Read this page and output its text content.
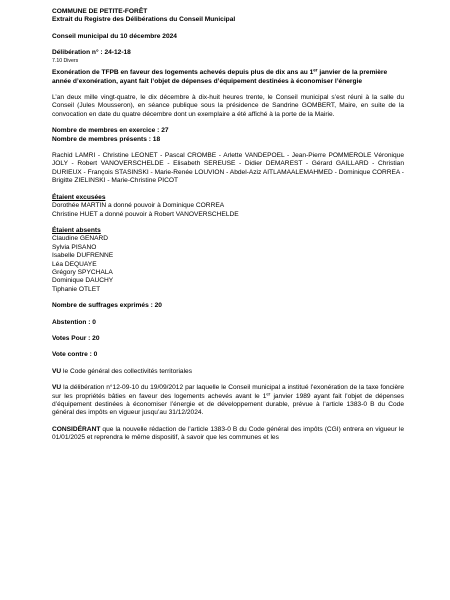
COMMUNE DE PETITE-FORÊT
Extrait du Registre des Délibérations du Conseil Municipal
Conseil municipal du 10 décembre 2024
Délibération n° : 24-12-18
7.10 Divers
Exonération de TFPB en faveur des logements achevés depuis plus de dix ans au 1er janvier de la première année d’exonération, ayant fait l’objet de dépenses d’équipement destinées à économiser l’énergie
L’an deux mille vingt-quatre, le dix décembre à dix-huit heures trente, le Conseil municipal s’est réuni à la salle du Conseil (Jules Mousseron), en séance publique sous la présidence de Sandrine GOMBERT, Maire, en suite de la convocation en date du quatre décembre dont un exemplaire a été affiché à la porte de la Mairie.
Nombre de membres en exercice : 27
Nombre de membres présents : 18
Rachid LAMRI - Christine LEONET - Pascal CROMBE - Arlette VANDEPOEL - Jean-Pierre POMMEROLE Véronique JOLY - Robert VANOVERSCHELDE - Elisabeth SEREUSE - Didier DEMAREST - Gérard GAILLARD - Christian DURIEUX - François STASINSKI - Marie-Renée LOUVION - Abdel-Aziz AITLAMAALEMAHMED - Dominique CORREA - Brigitte ZIELINSKI - Marie-Christine PICOT
Étaient excusées
Dorothée MARTIN a donné pouvoir à Dominique CORREA
Christine HUET a donné pouvoir à Robert VANOVERSCHELDE
Étaient absents
Claudine GENARD
Sylvia PISANO
Isabelle DUFRENNE
Léa DEQUAYE
Grégory SPYCHALA
Dominique DAUCHY
Tiphanie OTLET
Nombre de suffrages exprimés : 20
Abstention : 0
Votes Pour : 20
Vote contre : 0
VU le Code général des collectivités territoriales
VU la délibération n°12-09-10 du 19/09/2012 par laquelle le Conseil municipal a institué l’exonération de la taxe foncière sur les propriétés bâties en faveur des logements achevés avant le 1er janvier 1989 ayant fait l’objet de dépenses d’équipement destinées à économiser l’énergie et de développement durable, prévue à l’article 1383-0 B du Code général des impôts en vigueur jusqu’au 31/12/2024.
CONSIDÉRANT que la nouvelle rédaction de l’article 1383-0 B du Code général des impôts (CGI) entrera en vigueur le 01/01/2025 et reprendra le même dispositif, à savoir que les communes et les
